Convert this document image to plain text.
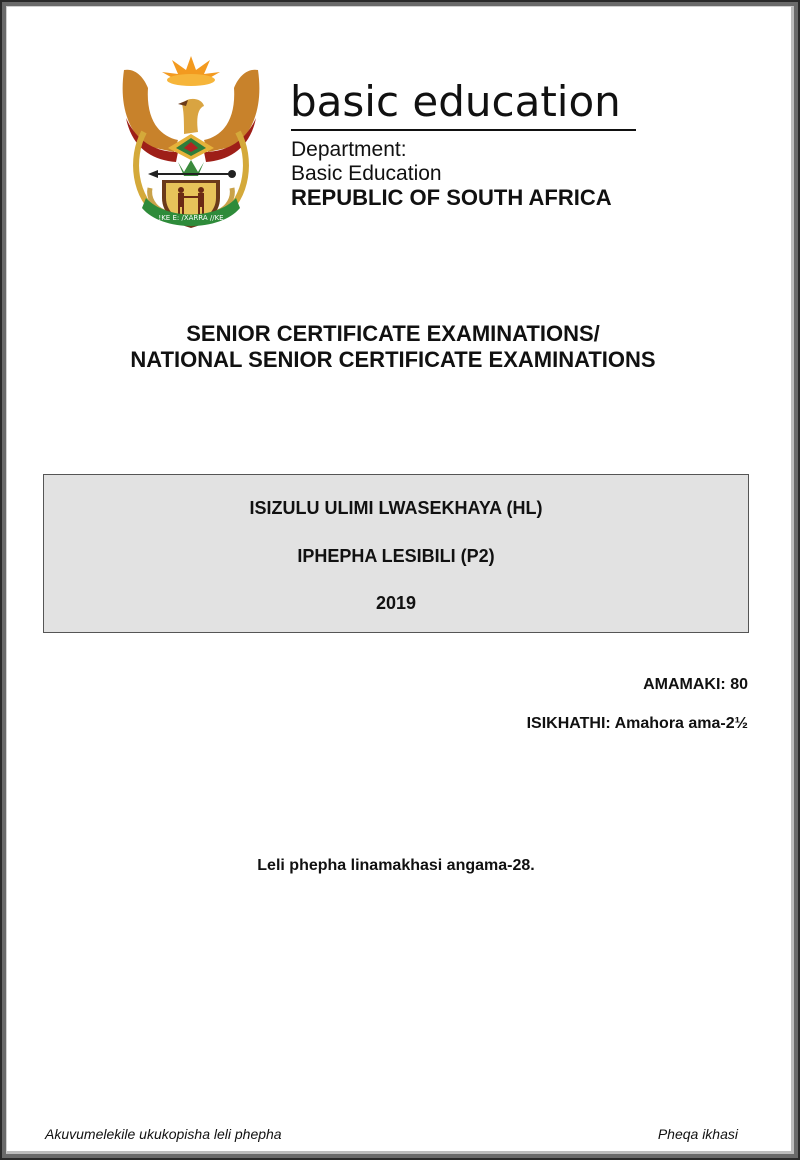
!KE E: /XARRA //KE
basic education
Department:
Basic Education
REPUBLIC OF SOUTH AFRICA
SENIOR CERTIFICATE EXAMINATIONS/
NATIONAL SENIOR CERTIFICATE EXAMINATIONS
ISIZULU ULIMI LWASEKHAYA (HL)
IPHEPHA LESIBILI (P2)
2019
AMAMAKI: 80
ISIKHATHI: Amahora ama-2½
Leli phepha linamakhasi angama-28.
Akuvumelekile ukukopisha leli phepha	Pheqa ikhasi
